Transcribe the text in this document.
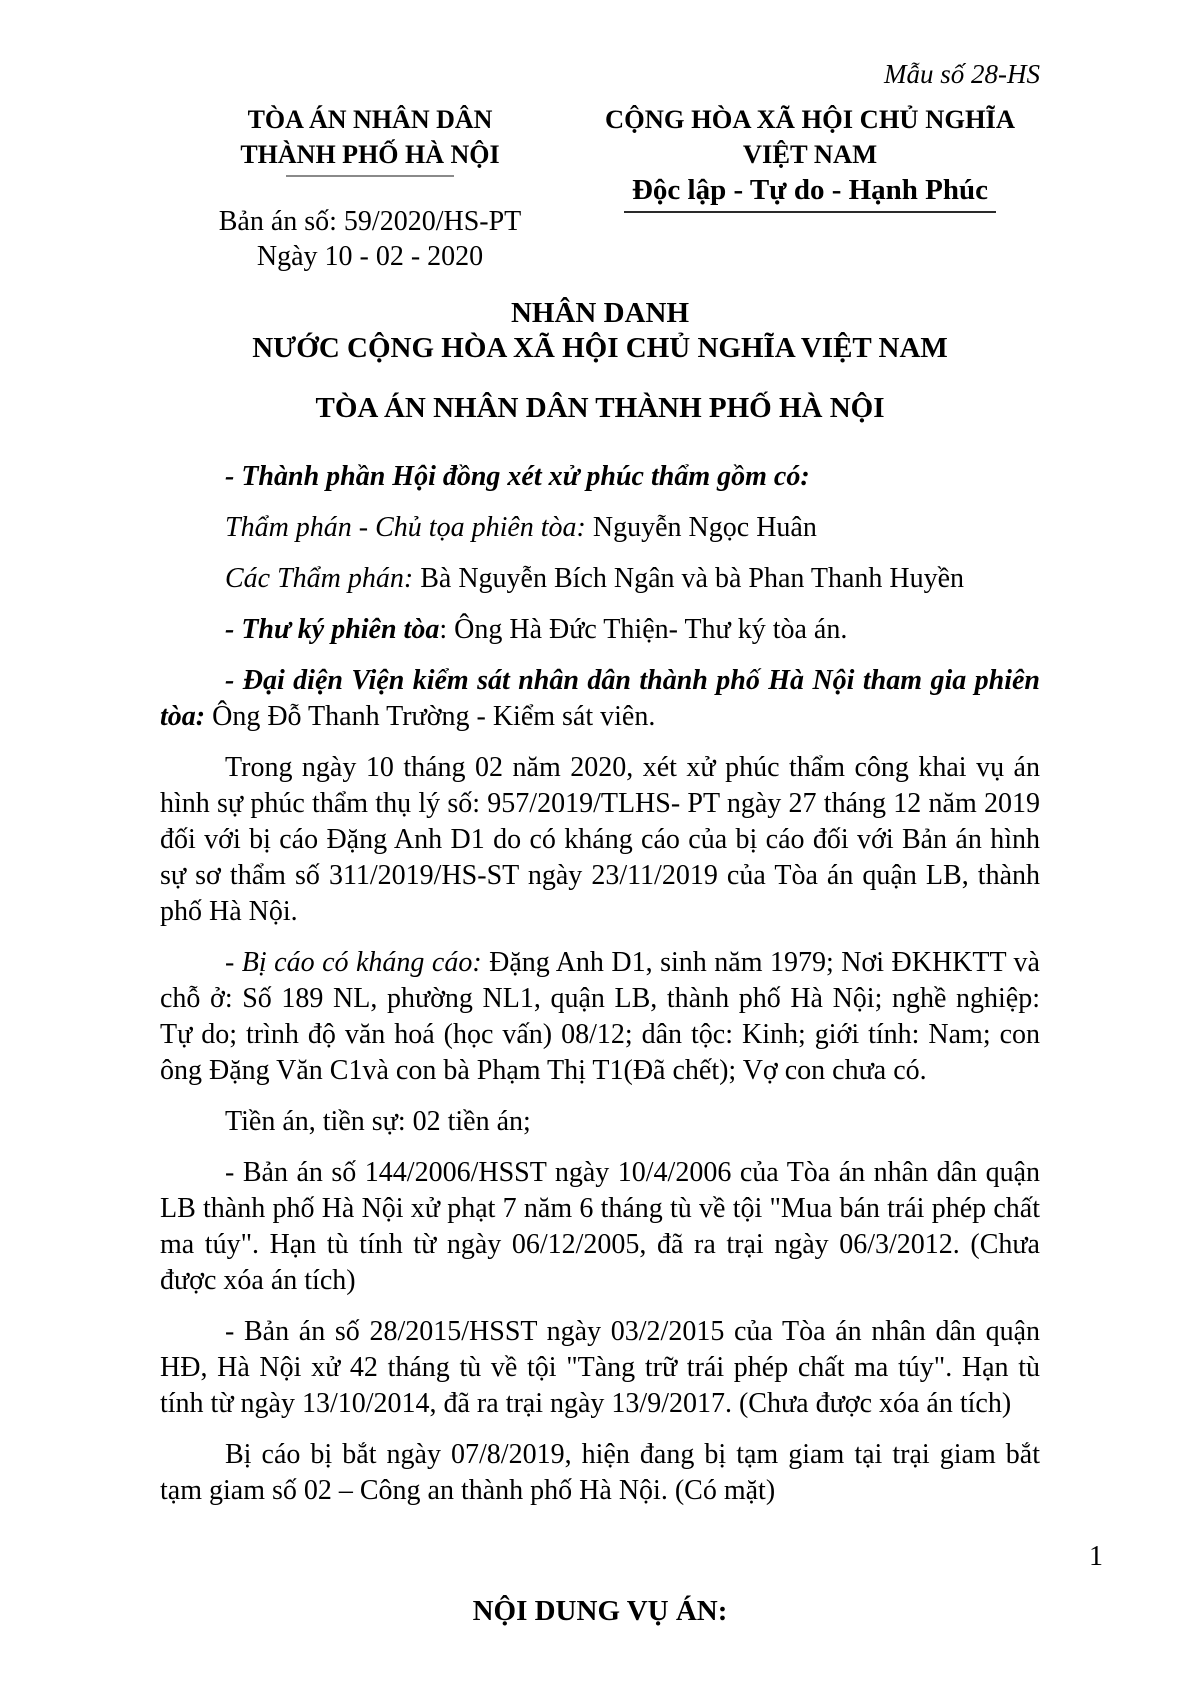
Mẫu số 28-HS
TÒA ÁN NHÂN DÂN
THÀNH PHỐ HÀ NỘI
Bản án số: 59/2020/HS-PT
Ngày 10 - 02 - 2020
CỘNG HÒA XÃ HỘI CHỦ NGHĨA VIỆT NAM
Độc lập - Tự do - Hạnh Phúc
NHÂN DANH
NƯỚC CỘNG HÒA XÃ HỘI CHỦ NGHĨA VIỆT NAM
TÒA ÁN NHÂN DÂN THÀNH PHỐ HÀ NỘI

- Thành phần Hội đồng xét xử phúc thẩm gồm có:

Thẩm phán - Chủ tọa phiên tòa: Nguyễn Ngọc Huân

Các Thẩm phán: Bà Nguyễn Bích Ngân và bà Phan Thanh Huyền

- Thư ký phiên tòa: Ông Hà Đức Thiện- Thư ký tòa án.

- Đại diện Viện kiểm sát nhân dân thành phố Hà Nội tham gia phiên tòa: Ông Đỗ Thanh Trường - Kiểm sát viên.

Trong ngày 10 tháng 02 năm 2020, xét xử phúc thẩm công khai vụ án hình sự phúc thẩm thụ lý số: 957/2019/TLHS- PT ngày 27 tháng 12 năm 2019 đối với bị cáo Đặng Anh D1 do có kháng cáo của bị cáo đối với Bản án hình sự sơ thẩm số 311/2019/HS-ST ngày 23/11/2019 của Tòa án quận LB, thành phố Hà Nội.

- Bị cáo có kháng cáo: Đặng Anh D1, sinh năm 1979; Nơi ĐKHKTT và chỗ ở: Số 189 NL, phường NL1, quận LB, thành phố Hà Nội; nghề nghiệp: Tự do; trình độ văn hoá (học vấn) 08/12; dân tộc: Kinh; giới tính: Nam; con ông Đặng Văn C1và con bà Phạm Thị T1(Đã chết); Vợ con chưa có.

Tiền án, tiền sự: 02 tiền án;

- Bản án số 144/2006/HSST ngày 10/4/2006 của Tòa án nhân dân quận LB thành phố Hà Nội xử phạt 7 năm 6 tháng tù về tội "Mua bán trái phép chất ma túy". Hạn tù tính từ ngày 06/12/2005, đã ra trại ngày 06/3/2012. (Chưa được xóa án tích)

- Bản án số 28/2015/HSST ngày 03/2/2015 của Tòa án nhân dân quận HĐ, Hà Nội xử 42 tháng tù về tội "Tàng trữ trái phép chất ma túy". Hạn tù tính từ ngày 13/10/2014, đã ra trại ngày 13/9/2017. (Chưa được xóa án tích)

Bị cáo bị bắt ngày 07/8/2019, hiện đang bị tạm giam tại trại giam bắt tạm giam số 02 – Công an thành phố Hà Nội. (Có mặt)

NỘI DUNG VỤ ÁN:

1
